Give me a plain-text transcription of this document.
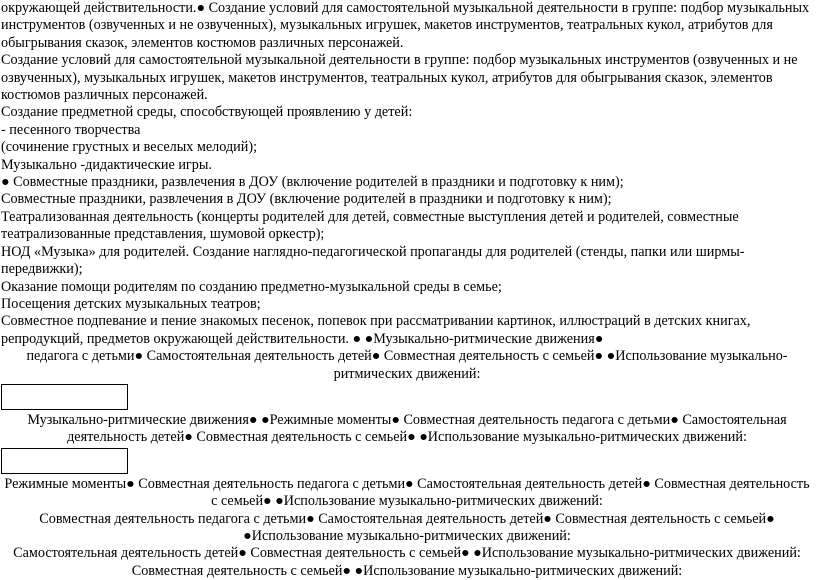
окружающей действительности.● Создание условий для самостоятельной музыкальной деятельности в группе: подбор музыкальных инструментов (озвученных и не озвученных), музыкальных игрушек, макетов инструментов, театральных кукол, атрибутов для обыгрывания сказок, элементов костюмов различных персонажей.
Создание условий для самостоятельной музыкальной деятельности в группе: подбор музыкальных инструментов (озвученных и не озвученных), музыкальных игрушек, макетов инструментов, театральных кукол, атрибутов для обыгрывания сказок, элементов костюмов различных персонажей.
Создание предметной среды, способствующей проявлению у детей:
- песенного творчества
(сочинение грустных и веселых мелодий);
Музыкально -дидактические игры.
● Совместные праздники, развлечения в ДОУ (включение родителей в праздники и подготовку к ним);
Совместные праздники, развлечения в ДОУ (включение родителей в праздники и подготовку к ним);
Театрализованная деятельность (концерты родителей для детей, совместные выступления детей и родителей, совместные театрализованные представления, шумовой оркестр);
НОД «Музыка» для родителей. Создание наглядно-педагогической пропаганды для родителей (стенды, папки или ширмы-передвижки);
Оказание помощи родителям по созданию предметно-музыкальной среды в семье;
Посещения детских музыкальных театров;
Совместное подпевание и пение знакомых песенок, попевок при рассматривании картинок, иллюстраций в детских книгах, репродукций, предметов окружающей действительности. ● ●Музыкально-ритмические движения●
педагога с детьми● Самостоятельная деятельность детей● Совместная деятельность с семьей● ●Использование музыкально-ритмических движений:
Музыкально-ритмические движения● ●Режимные моменты● Совместная деятельность педагога с детьми● Самостоятельная деятельность детей● Совместная деятельность с семьей● ●Использование музыкально-ритмических движений:
Режимные моменты● Совместная деятельность педагога с детьми● Самостоятельная деятельность детей● Совместная деятельность с семьей● ●Использование музыкально-ритмических движений:
Совместная деятельность педагога с детьми● Самостоятельная деятельность детей● Совместная деятельность с семьей● ●Использование музыкально-ритмических движений:
Самостоятельная деятельность детей● Совместная деятельность с семьей● ●Использование музыкально-ритмических движений:
Совместная деятельность с семьей● ●Использование музыкально-ритмических движений:
